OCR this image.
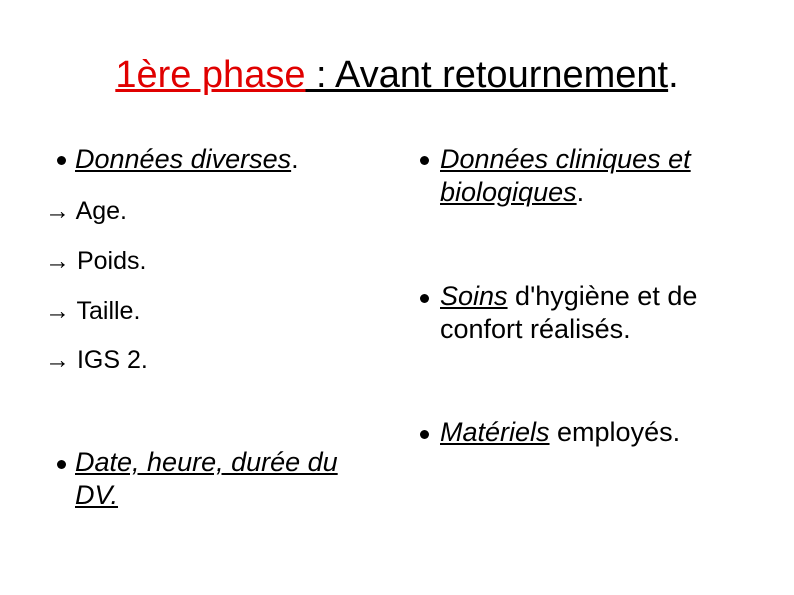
1ère phase : Avant retournement.
Données diverses.
→ Age.
→ Poids.
→ Taille.
→ IGS 2.
Date, heure, durée du
DV.
Données cliniques et
biologiques.
Soins d'hygiène et de
confort réalisés.
Matériels employés.
